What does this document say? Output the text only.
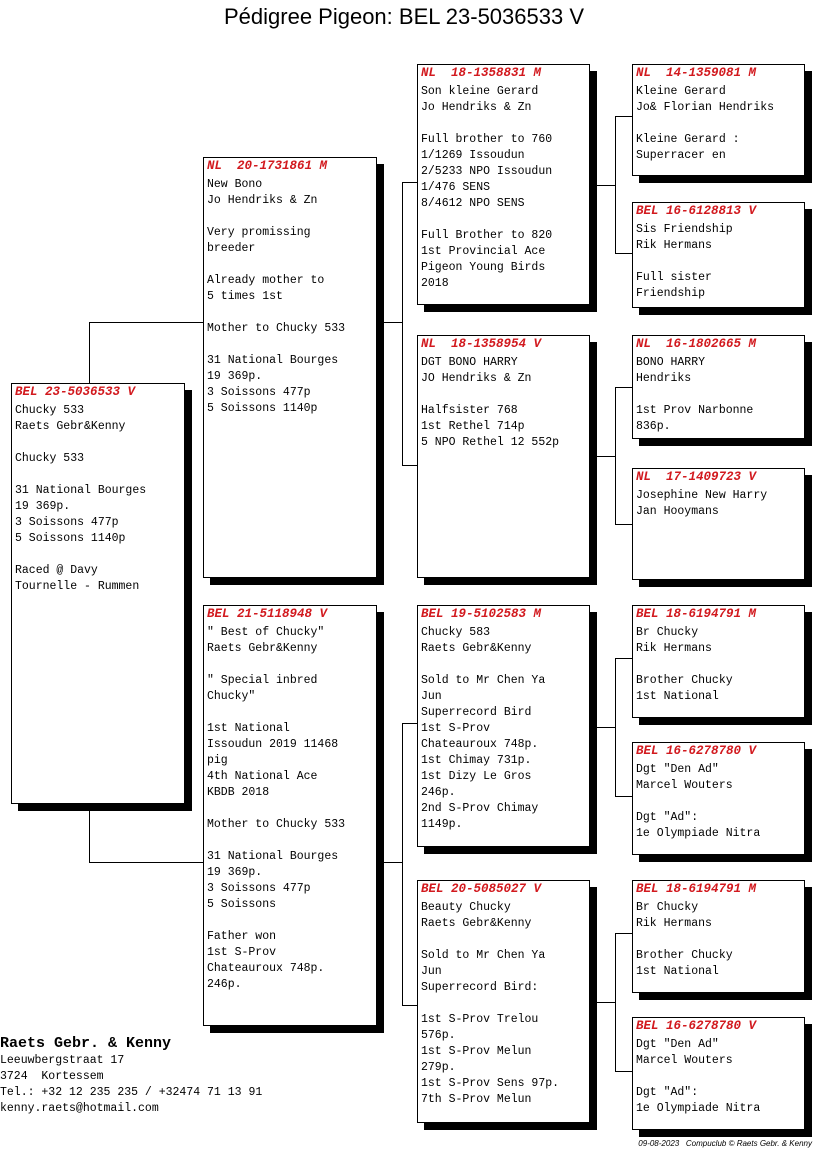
Pédigree Pigeon: BEL 23-5036533 V
BEL 23-5036533 V
Chucky 533
Raets Gebr&Kenny
Chucky 533
31 National Bourges
19 369p.
3 Soissons 477p
5 Soissons 1140p
Raced @ Davy
Tournelle - Rummen
NL  20-1731861 M
New Bono
Jo Hendriks & Zn
Very promissing
breeder
Already mother to
5 times 1st
Mother to Chucky 533
31 National Bourges
19 369p.
3 Soissons 477p
5 Soissons 1140p
BEL 21-5118948 V
" Best of Chucky"
Raets Gebr&Kenny
" Special inbred
Chucky"
1st National
Issoudun 2019 11468
pig
4th National Ace
KBDB 2018
Mother to Chucky 533
31 National Bourges
19 369p.
3 Soissons 477p
5 Soissons
Father won
1st S-Prov
Chateauroux 748p.
246p.
NL  18-1358831 M
Son kleine Gerard
Jo Hendriks & Zn
Full brother to 760
1/1269 Issoudun
2/5233 NPO Issoudun
1/476 SENS
8/4612 NPO SENS
Full Brother to 820
1st Provincial Ace
Pigeon Young Birds
2018
NL  18-1358954 V
DGT BONO HARRY
JO Hendriks & Zn
Halfsister 768
1st Rethel 714p
5 NPO Rethel 12 552p
BEL 19-5102583 M
Chucky 583
Raets Gebr&Kenny
Sold to Mr Chen Ya
Jun
Superrecord Bird
1st S-Prov
Chateauroux 748p.
1st Chimay 731p.
1st Dizy Le Gros
246p.
2nd S-Prov Chimay
1149p.
BEL 20-5085027 V
Beauty Chucky
Raets Gebr&Kenny
Sold to Mr Chen Ya
Jun
Superrecord Bird:
1st S-Prov Trelou
576p.
1st S-Prov Melun
279p.
1st S-Prov Sens 97p.
7th S-Prov Melun
NL  14-1359081 M
Kleine Gerard
Jo& Florian Hendriks
Kleine Gerard :
Superracer en
BEL 16-6128813 V
Sis Friendship
Rik Hermans
Full sister
Friendship
NL  16-1802665 M
BONO HARRY
Hendriks
1st Prov Narbonne
836p.
NL  17-1409723 V
Josephine New Harry
Jan Hooymans
BEL 18-6194791 M
Br Chucky
Rik Hermans
Brother Chucky
1st National
BEL 16-6278780 V
Dgt "Den Ad"
Marcel Wouters
Dgt "Ad":
1e Olympiade Nitra
BEL 18-6194791 M
Br Chucky
Rik Hermans
Brother Chucky
1st National
BEL 16-6278780 V
Dgt "Den Ad"
Marcel Wouters
Dgt "Ad":
1e Olympiade Nitra
Raets Gebr. & Kenny
Leeuwbergstraat 17
3724  Kortessem
Tel.: +32 12 235 235 / +32474 71 13 91
kenny.raets@hotmail.com
09-08-2023   Compuclub © Raets Gebr. & Kenny
